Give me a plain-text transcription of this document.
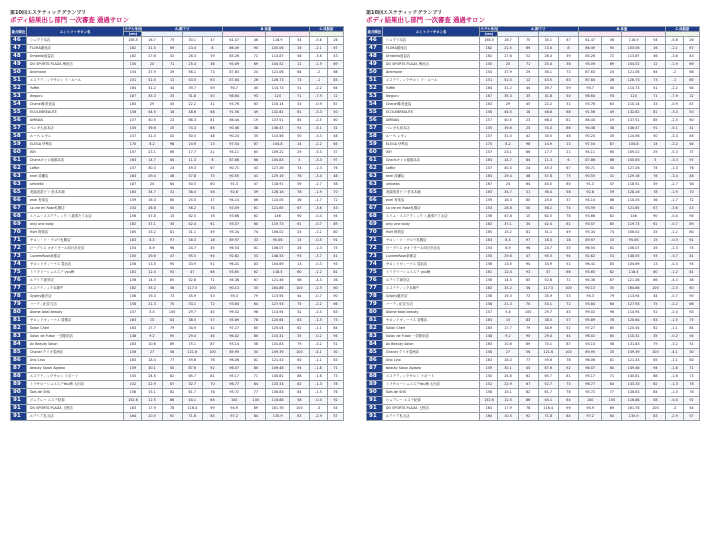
第10回エステティックグランプリ
ボディ結果出し部門 一次審査 通過サロン
総合順位	エントリーサロン名	モデル身長	A.脚下寸				B.体重				C.体脂肪	
		(cm)										
46	シュプラ本店	158.5	16.7	75	30.1	47	61.47	46	116.9	54	-5.6	26
47	FLORA銀座店	162	21.5	69	13.4	8	86.49	90	105.06	16	-2.1	67
48	Umbella池袋店	162	27.6	52	26.3	39	85.26	72	113.87	46	-3.6	43
49	DO SPORTS PLAZA 梅田店	150	20	71	25.4	36	95.09	69	104.52	12	-1.9	69
50	Anemone	154	37.9	29	56.1	73	87.63	24	121.06	64	-2	68
51	エステティックサロン ラ・ルール	151	52.5	12	43.5	63	87.84	26	126.73	73	-1	85
52	Yuffie	164	31.2	44	39.7	59	90.7	40	114.73	51	-2.2	64
53	Ikeguru	167	35.3	35	31.8	50	98.64	93	124	71	-7.9	12
54	Chanel都美池袋	163	29	45	22.2	31	93.76	63	110.14	33	-0.9	87
55	ECOLEBREAUTE	156	44.5	18	48.6	68	91.56	49	132.82	81	-3.3	50
56	AMINAS	157	40.5	23	66.3	81	86.44	19	137.51	85	-2.5	60
57	ベレガ大泉本店	155	39.6	25	74.3	86	90.46	38	146.47	91	-5.1	31
58	ルーペ レヴェ	157	31.4	42	30.5	48	90.24	35	114.56	50	-3.3	48
59	ELEGA 伊勢店	170	8.2	98	14.9	13	97.54	87	104.8	14	-2.2	64
60	ISH	157	23.1	66	17.7	21	94.11	65	109.22	29	-5.3	37
61	Charisキャロ板橋本店	163	14.7	84	11.3	6	87.86	66	100.83	5	-3.3	97
62	Loftie	157	40.3	24	49.3	67	90.71	43	127.26	74	-1.3	76
63	enel 清瀬店	163	29.4	48	57.8	75	90.55	41	129.16	76	-3.4	48
63	umbella	167	24	64	40.5	60	91.3	47	118.91	59	-2.7	58
65	美顔美香ビリ 松本本館	163	34.7	31	36.4	58	92.6	59	128.16	78	-1.9	70
66	enel 有楽店	159	16.3	80	25.5	37	94.14	66	110.05	36	-1.7	72
67	La vie en Rose札幌店	153	28.8	50	56.2	74	93.59	61	121.65	67	-3.6	43
68	エリム・エステティック 八重奏たてお店	156	47.8	15	62.5	78	93.66	62	146	90	-0.4	94
69	only one body	162	37.1	30	42.4	61	93.57	60	119.73	61	-0.7	89
70	HoH 阿賀店	165	15.2	81	31.1	49	95.34	74	106.02	25	-1.2	80
71	サロン・ド・グロウ札幌店	163	8.5	97	16.3	18	89.97	33	95.06	15	-0.5	91
72	ビーブリス オオミモール四日市北店	154	8.9	96	24.7	35	96.54	81	106.07	26	-1.3	75
73	LuviemRose新都店	155	29.6	47	95.5	94	92.62	53	148.55	93	-3.7	41
74	サロンドヴィーナス 豊浜店	156	13.5	90	33.9	51	96.41	83	104.69	13	-0.3	93
75	トリプラーシュエステ you梅	161	12.4	93	47	66	93.65	62	118.4	60	-1.2	81
76	ルテリア浦安店	156	14.5	85	52.8	71	94.36	67	121.46	66	-4.3	36
77	エステティック本郷牛	162	35.2	36	117.5	100	90.13	35	164.86	100	-2.5	60
78	Sylphy藤沢店	158	19.3	73	35.9	53	95.3	79	113.94	44	-0.7	90
79	ハーティ紀井石店	158	21.3	70	53.1	72	93.84	64	127.93	75	-2.2	66
80	Alome total beauty	157	5.4	100	29.7	45	99.02	96	114.94	52	-2.4	63
81	サロンドヴィーナス 香椎店	163	15	83	38.5	57	95.89	78	120.64	63	-1.5	75
82	Salon Cheri	163	17.7	79	34.9	52	97.27	85	120.04	62	-1.1	84
83	Salon de Futon 一宮駅前店	148	9.2	95	29.4	44	96.02	80	110.31	35	-0.2	94
84	Av Beauty Salon	163	10.6	89	75.1	87	93.14	58	131.83	79	-3.2	51
85	Chanel クリオ豊洲店	156	27	56	121.6	100	89.95	30	159.39	100	-4.1	30
86	Uno Lino	163	18.3	77	59.6	76	96.06	81	121.43	65	-1.1	83
87	beauty Salon Aglaea	159	30.1	45	87.6	92	96.07	80	149.48	94	-1.8	71
88	エステティックサロン ラポート	150	24.6	62	65.7	81	95.17	71	140.81	88	-1.6	73
89	トラサローシュエステYou梅 太田店	152	22.9	67	52.7	70	96.77	84	133.33	82	-1.3	78
90	Sols de SHU	158	15.1	82	61.7	78	95.72	77	136.83	84	-1.5	76
91	ビュアレー エステ紀菊	152.6	12.5	86	44.1	64	100	100	116.88	58	-0.4	92
91	DO SPORTS PLAZA 上野店	163	17.9	78	116.4	99	94.9	69	161.76	100	-3	54
91	ルテリア札丸店	164	10.5	92	71.8	84	97.2	84	135.9	83	-2.9	57
第10回エステティックグランプリ
ボディ結果出し部門 一次審査 通過サロン
総合順位	エントリーサロン名	モデル身長	A.脚下寸				B.体重				C.体脂肪	
		(cm)										
46	シュプラ本店	158.5	16.7	75	30.1	47	61.47	46	116.9	54	-5.6	26
47	FLORA銀座店	162	21.5	69	13.4	8	86.49	90	105.06	16	-2.1	67
48	Umbella池袋店	162	27.6	52	26.3	39	85.26	72	113.87	46	-3.6	43
49	DO SPORTS PLAZA 梅田店	150	20	71	25.4	36	95.09	69	104.52	12	-1.9	69
50	Anemone	154	37.9	29	56.1	73	87.63	24	121.06	64	-2	68
51	エステティックサロン ラ・ルール	151	52.5	12	43.5	63	87.84	26	126.73	73	-1	85
52	Yuffie	164	31.2	44	39.7	59	90.7	40	114.73	51	-2.2	64
53	Ikeguru	167	35.3	35	31.8	50	98.64	93	124	71	-7.9	12
54	Chanel都美池袋	163	29	45	22.2	31	93.76	63	110.14	33	-0.9	87
55	ECOLEBREAUTE	156	44.5	18	48.6	68	91.56	49	132.82	81	-3.3	50
56	AMINAS	157	40.5	23	66.3	81	86.44	19	137.51	85	-2.5	60
57	ベレガ大泉本店	155	39.6	25	74.3	86	90.46	38	146.47	91	-5.1	31
58	ルーペ レヴェ	157	31.4	42	30.5	48	90.24	35	114.56	50	-3.3	48
59	ELEGA 伊勢店	170	8.2	98	14.9	13	97.54	87	104.8	14	-2.2	64
60	ISH	157	23.1	66	17.7	21	94.11	65	109.22	29	-5.3	37
61	Charisキャロ板橋本店	163	14.7	84	11.3	6	87.86	66	100.83	5	-3.3	97
62	Loftie	157	40.3	24	49.3	67	90.71	43	127.26	74	-1.3	76
63	enel 清瀬店	163	29.4	48	57.8	75	90.55	41	129.16	76	-3.4	48
63	umbella	167	24	64	40.5	60	91.3	47	118.91	59	-2.7	58
65	美顔美香ビリ 松本本館	163	34.7	31	36.4	58	92.6	59	128.16	78	-1.9	70
66	enel 有楽店	159	16.3	80	25.5	37	94.14	66	110.05	36	-1.7	72
67	La vie en Rose札幌店	153	28.8	50	56.2	74	93.59	61	121.65	67	-3.6	43
68	エリム・エステティック 八重奏たてお店	156	47.8	15	62.5	78	93.66	62	146	90	-0.4	94
69	only one body	162	37.1	30	42.4	61	93.57	60	119.73	61	-0.7	89
70	HoH 阿賀店	165	15.2	81	31.1	49	95.34	74	106.02	25	-1.2	80
71	サロン・ド・グロウ札幌店	163	8.5	97	16.3	18	89.97	33	95.06	15	-0.5	91
72	ビーブリス オオミモール四日市北店	154	8.9	96	24.7	35	96.54	81	106.07	26	-1.3	75
73	LuviemRose新都店	155	29.6	47	95.5	94	92.62	53	148.55	93	-3.7	41
74	サロンドヴィーナス 豊浜店	156	13.5	90	33.9	51	96.41	83	104.69	13	-0.3	93
75	トリプラーシュエステ you梅	161	12.4	93	47	66	93.65	62	118.4	60	-1.2	81
76	ルテリア浦安店	156	14.5	85	52.8	71	94.36	67	121.46	66	-4.3	36
77	エステティック本郷牛	162	35.2	36	117.5	100	90.13	35	164.86	100	-2.5	60
78	Sylphy藤沢店	158	19.3	73	35.9	53	95.3	79	113.94	44	-0.7	90
79	ハーティ紀井石店	158	21.3	70	53.1	72	93.84	64	127.93	75	-2.2	66
80	Alome total beauty	157	5.4	100	29.7	45	99.02	96	114.94	52	-2.4	63
81	サロンドヴィーナス 香椎店	163	15	83	38.5	57	95.89	78	120.64	63	-1.5	75
82	Salon Cheri	163	17.7	79	34.9	52	97.27	85	120.04	62	-1.1	84
83	Salon de Futon 一宮駅前店	148	9.2	95	29.4	44	96.02	80	110.31	35	-0.2	94
84	Av Beauty Salon	163	10.6	89	75.1	87	93.14	58	131.83	79	-3.2	51
85	Chanel クリオ豊洲店	156	27	56	121.6	100	89.95	30	159.39	100	-4.1	30
86	Uno Lino	163	18.3	77	59.6	76	96.06	81	121.43	65	-1.1	83
87	beauty Salon Aglaea	159	30.1	45	87.6	92	96.07	80	149.48	94	-1.8	71
88	エステティックサロン ラポート	150	24.6	62	65.7	81	95.17	71	140.81	88	-1.6	73
89	トラサローシュエステYou梅 太田店	152	22.9	67	52.7	70	96.77	84	133.33	82	-1.3	78
90	Sols de SHU	158	15.1	82	61.7	78	95.72	77	136.83	84	-1.5	76
91	ビュアレー エステ紀菊	152.6	12.5	86	44.1	64	100	100	116.88	58	-0.4	92
91	DO SPORTS PLAZA 上野店	163	17.9	78	116.4	99	94.9	69	161.76	100	-3	54
91	ルテリア札丸店	164	10.5	92	71.8	84	97.2	84	135.9	83	-2.9	57
